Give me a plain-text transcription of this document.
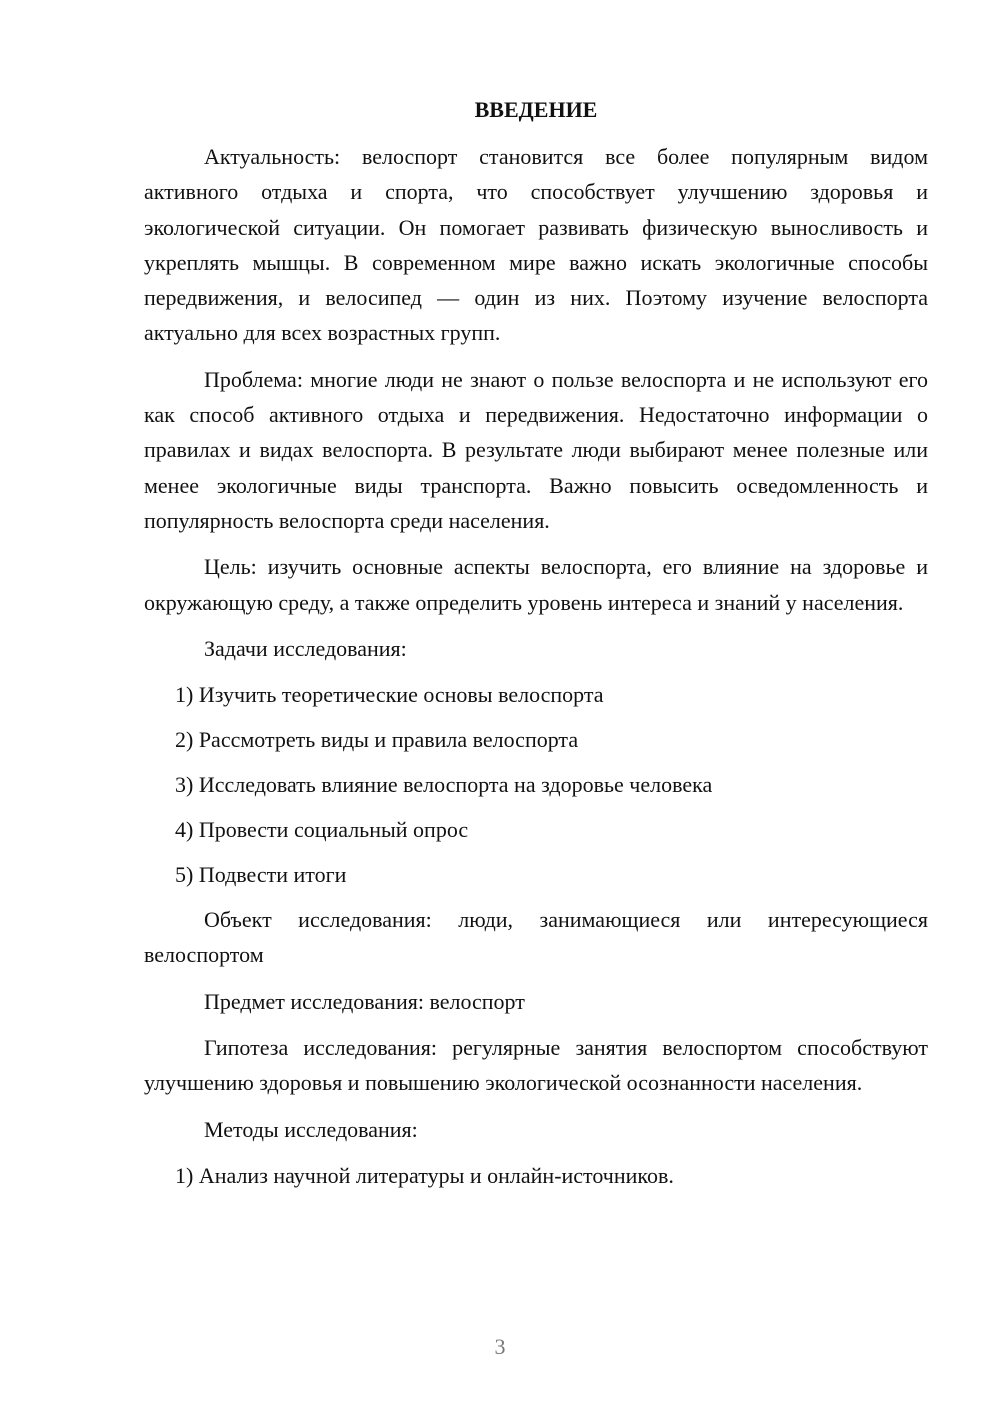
ВВЕДЕНИЕ

Актуальность: велоспорт становится все более популярным видом активного отдыха и спорта, что способствует улучшению здоровья и экологической ситуации. Он помогает развивать физическую выносливость и укреплять мышцы. В современном мире важно искать экологичные способы передвижения, и велосипед — один из них. Поэтому изучение велоспорта актуально для всех возрастных групп.

Проблема: многие люди не знают о пользе велоспорта и не используют его как способ активного отдыха и передвижения. Недостаточно информации о правилах и видах велоспорта. В результате люди выбирают менее полезные или менее экологичные виды транспорта. Важно повысить осведомленность и популярность велоспорта среди населения.

Цель: изучить основные аспекты велоспорта, его влияние на здоровье и окружающую среду, а также определить уровень интереса и знаний у населения.

Задачи исследования:

1) Изучить теоретические основы велоспорта
2) Рассмотреть виды и правила велоспорта
3) Исследовать влияние велоспорта на здоровье человека
4) Провести социальный опрос
5) Подвести итоги

Объект исследования: люди, занимающиеся или интересующиеся велоспортом

Предмет исследования: велоспорт

Гипотеза исследования: регулярные занятия велоспортом способствуют улучшению здоровья и повышению экологической осознанности населения.

Методы исследования:

1) Анализ научной литературы и онлайн-источников.
3
